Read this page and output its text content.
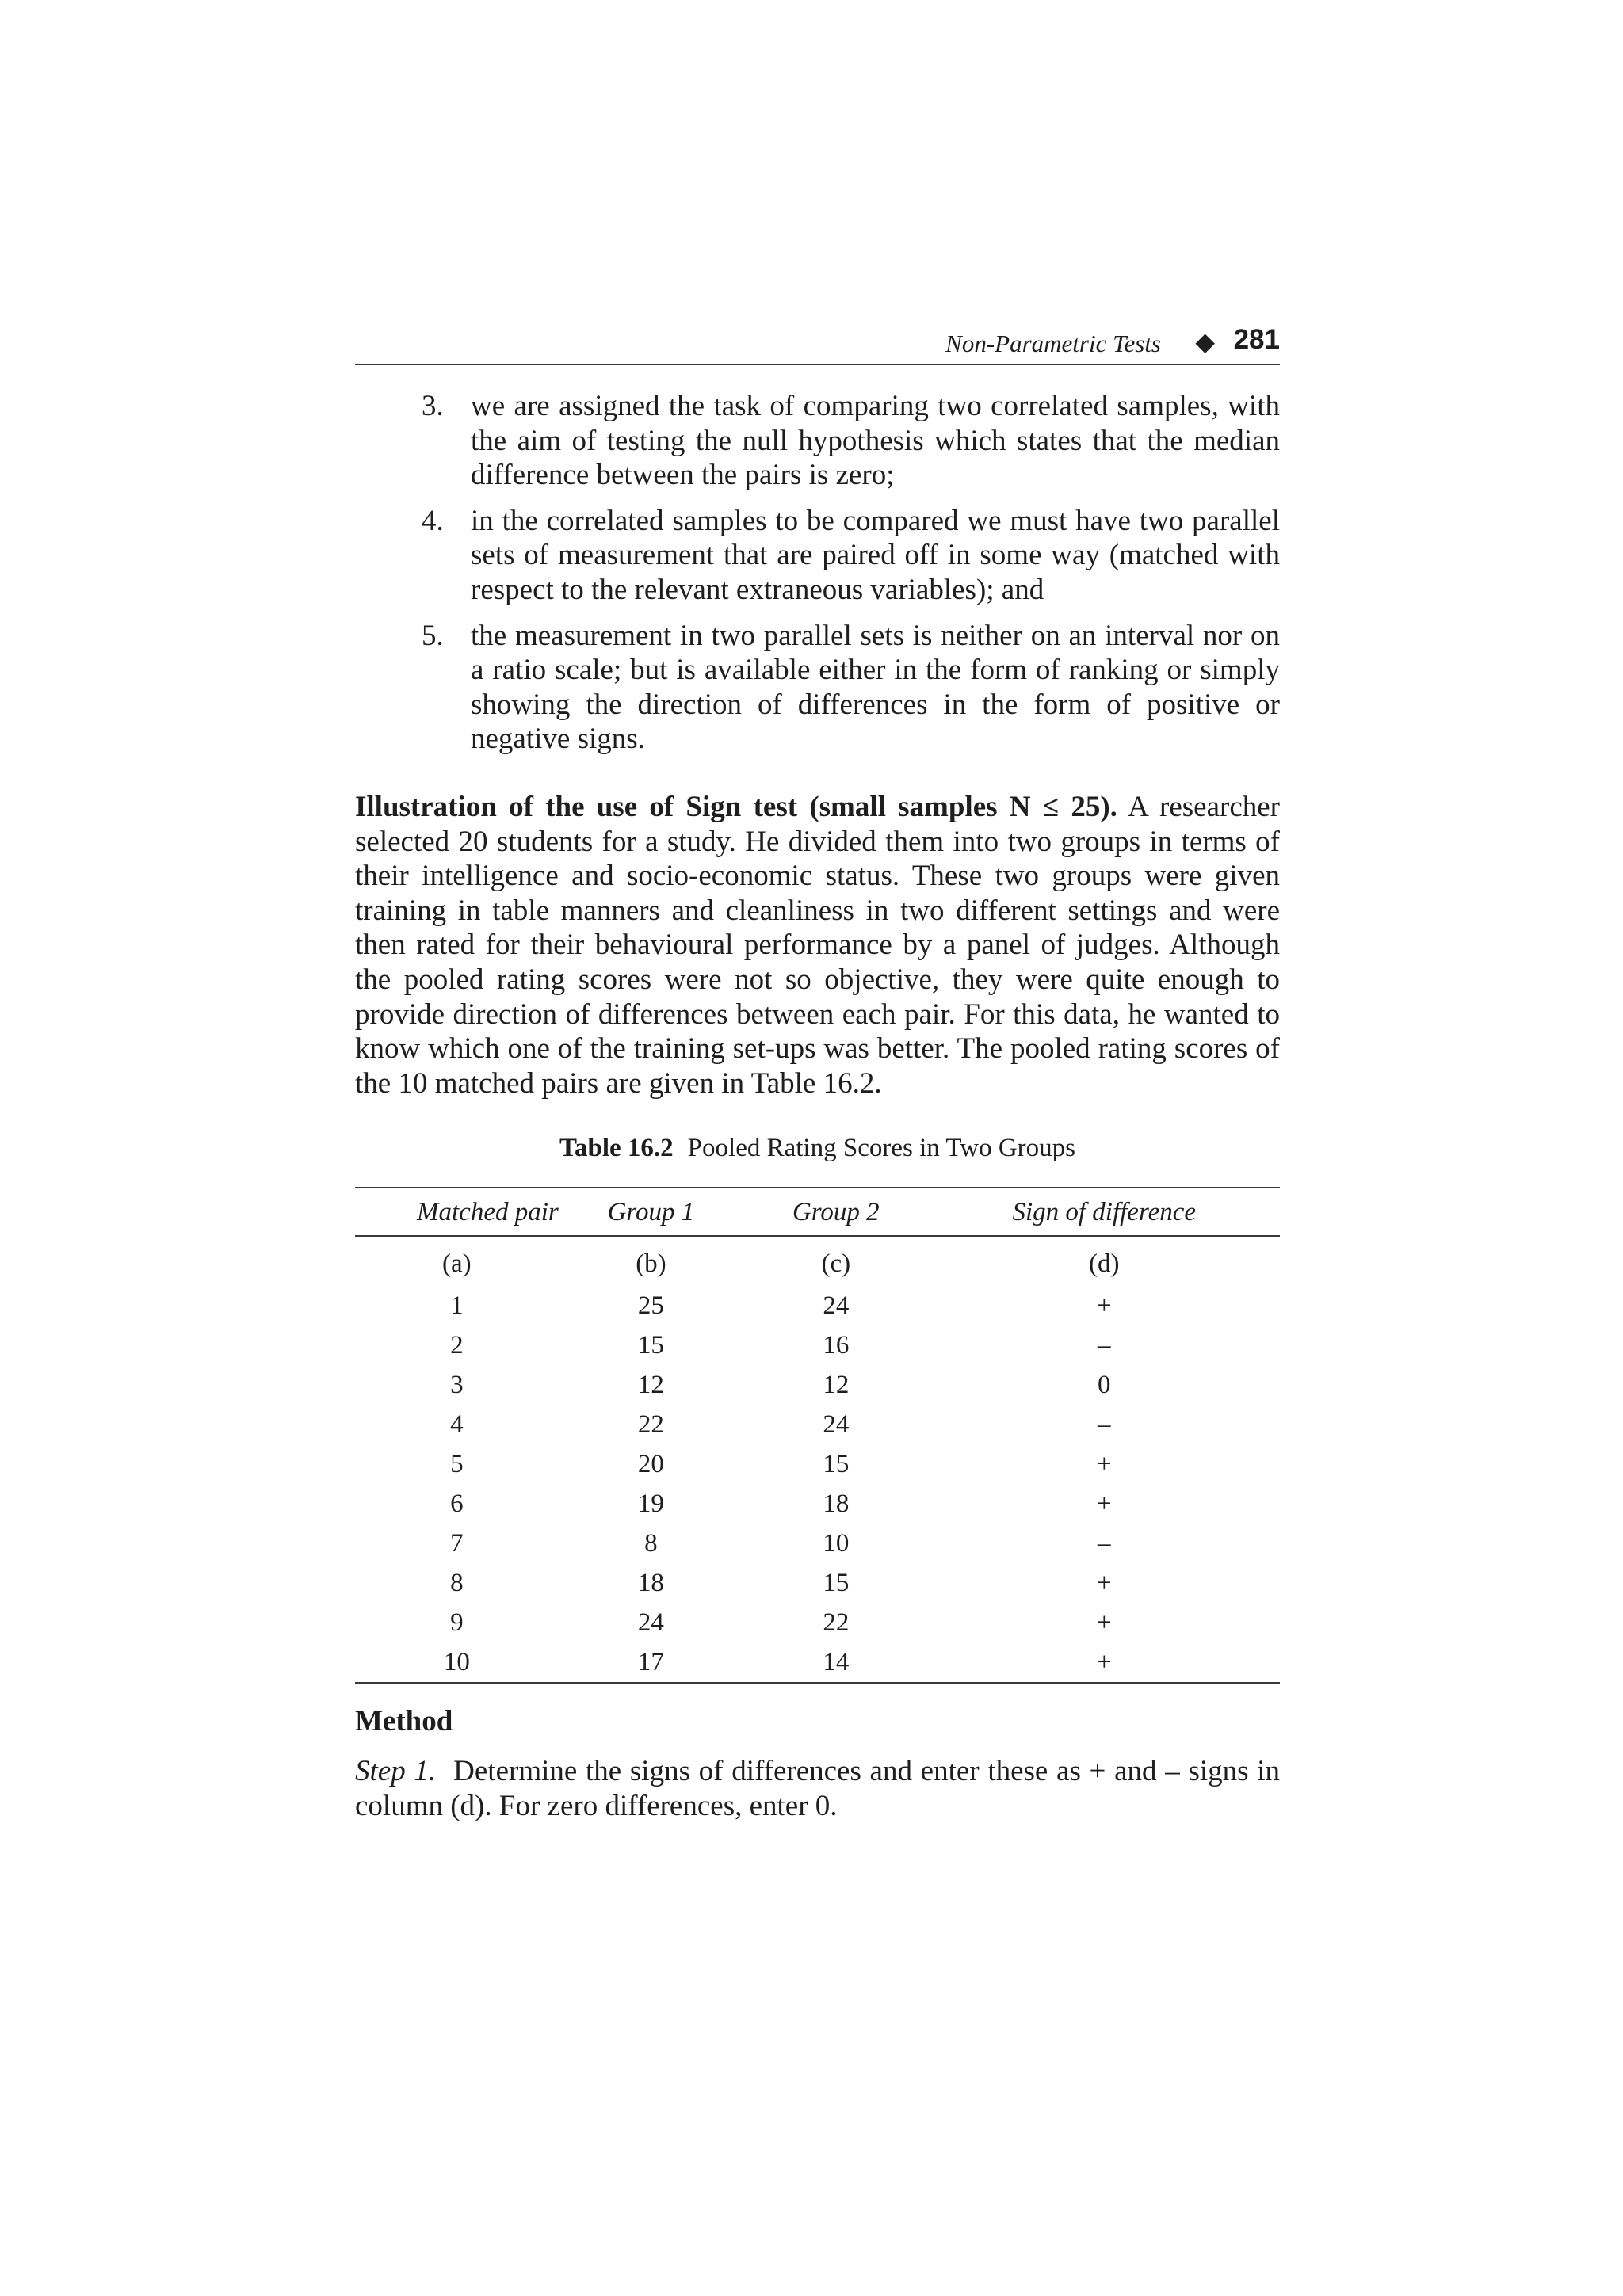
Non-Parametric Tests ◆ 281
3. we are assigned the task of comparing two correlated samples, with the aim of testing the null hypothesis which states that the median difference between the pairs is zero;
4. in the correlated samples to be compared we must have two parallel sets of measurement that are paired off in some way (matched with respect to the relevant extraneous variables); and
5. the measurement in two parallel sets is neither on an interval nor on a ratio scale; but is available either in the form of ranking or simply showing the direction of differences in the form of positive or negative signs.

Illustration of the use of Sign test (small samples N ≤ 25). A researcher selected 20 students for a study. He divided them into two groups in terms of their intelligence and socio-economic status. These two groups were given training in table manners and cleanliness in two different settings and were then rated for their behavioural performance by a panel of judges. Although the pooled rating scores were not so objective, they were quite enough to provide direction of differences between each pair. For this data, he wanted to know which one of the training set-ups was better. The pooled rating scores of the 10 matched pairs are given in Table 16.2.

Table 16.2 Pooled Rating Scores in Two Groups
Matched pair	Group 1	Group 2	Sign of difference
(a)	(b)	(c)	(d)
1	25	24	+
2	15	16	–
3	12	12	0
4	22	24	–
5	20	15	+
6	19	18	+
7	8	10	–
8	18	15	+
9	24	22	+
10	17	14	+
Method

Step 1. Determine the signs of differences and enter these as + and – signs in column (d). For zero differences, enter 0.
